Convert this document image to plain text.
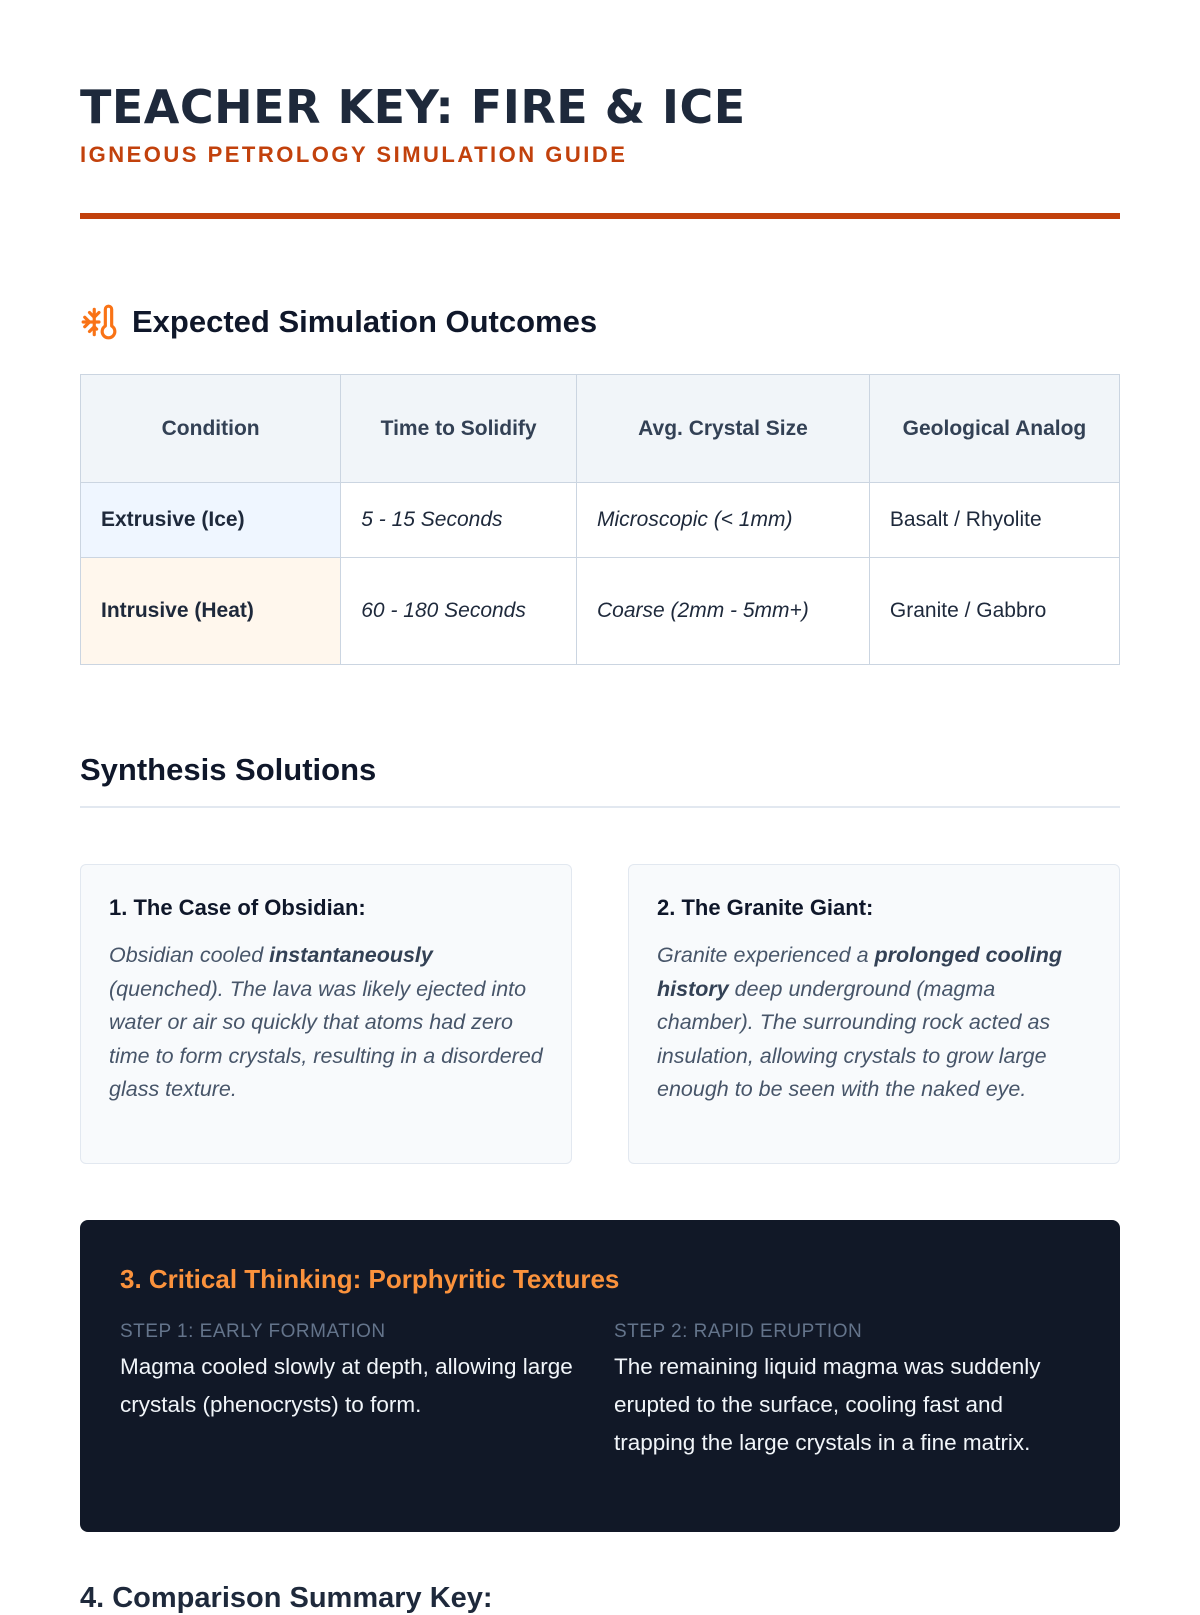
TEACHER KEY: FIRE & ICE
IGNEOUS PETROLOGY SIMULATION GUIDE
Expected Simulation Outcomes
Condition	Time to Solidify	Avg. Crystal Size	Geological Analog
Extrusive (Ice)	5 - 15 Seconds	Microscopic (< 1mm)	Basalt / Rhyolite
Intrusive (Heat)	60 - 180 Seconds	Coarse (2mm - 5mm+)	Granite / Gabbro
Synthesis Solutions
1. The Case of Obsidian:
Obsidian cooled instantaneously (quenched). The lava was likely ejected into water or air so quickly that atoms had zero time to form crystals, resulting in a disordered glass texture.
2. The Granite Giant:
Granite experienced a prolonged cooling history deep underground (magma chamber). The surrounding rock acted as insulation, allowing crystals to grow large enough to be seen with the naked eye.
3. Critical Thinking: Porphyritic Textures
STEP 1: EARLY FORMATION
Magma cooled slowly at depth, allowing large crystals (phenocrysts) to form.
STEP 2: RAPID ERUPTION
The remaining liquid magma was suddenly erupted to the surface, cooling fast and trapping the large crystals in a fine matrix.
4. Comparison Summary Key:
